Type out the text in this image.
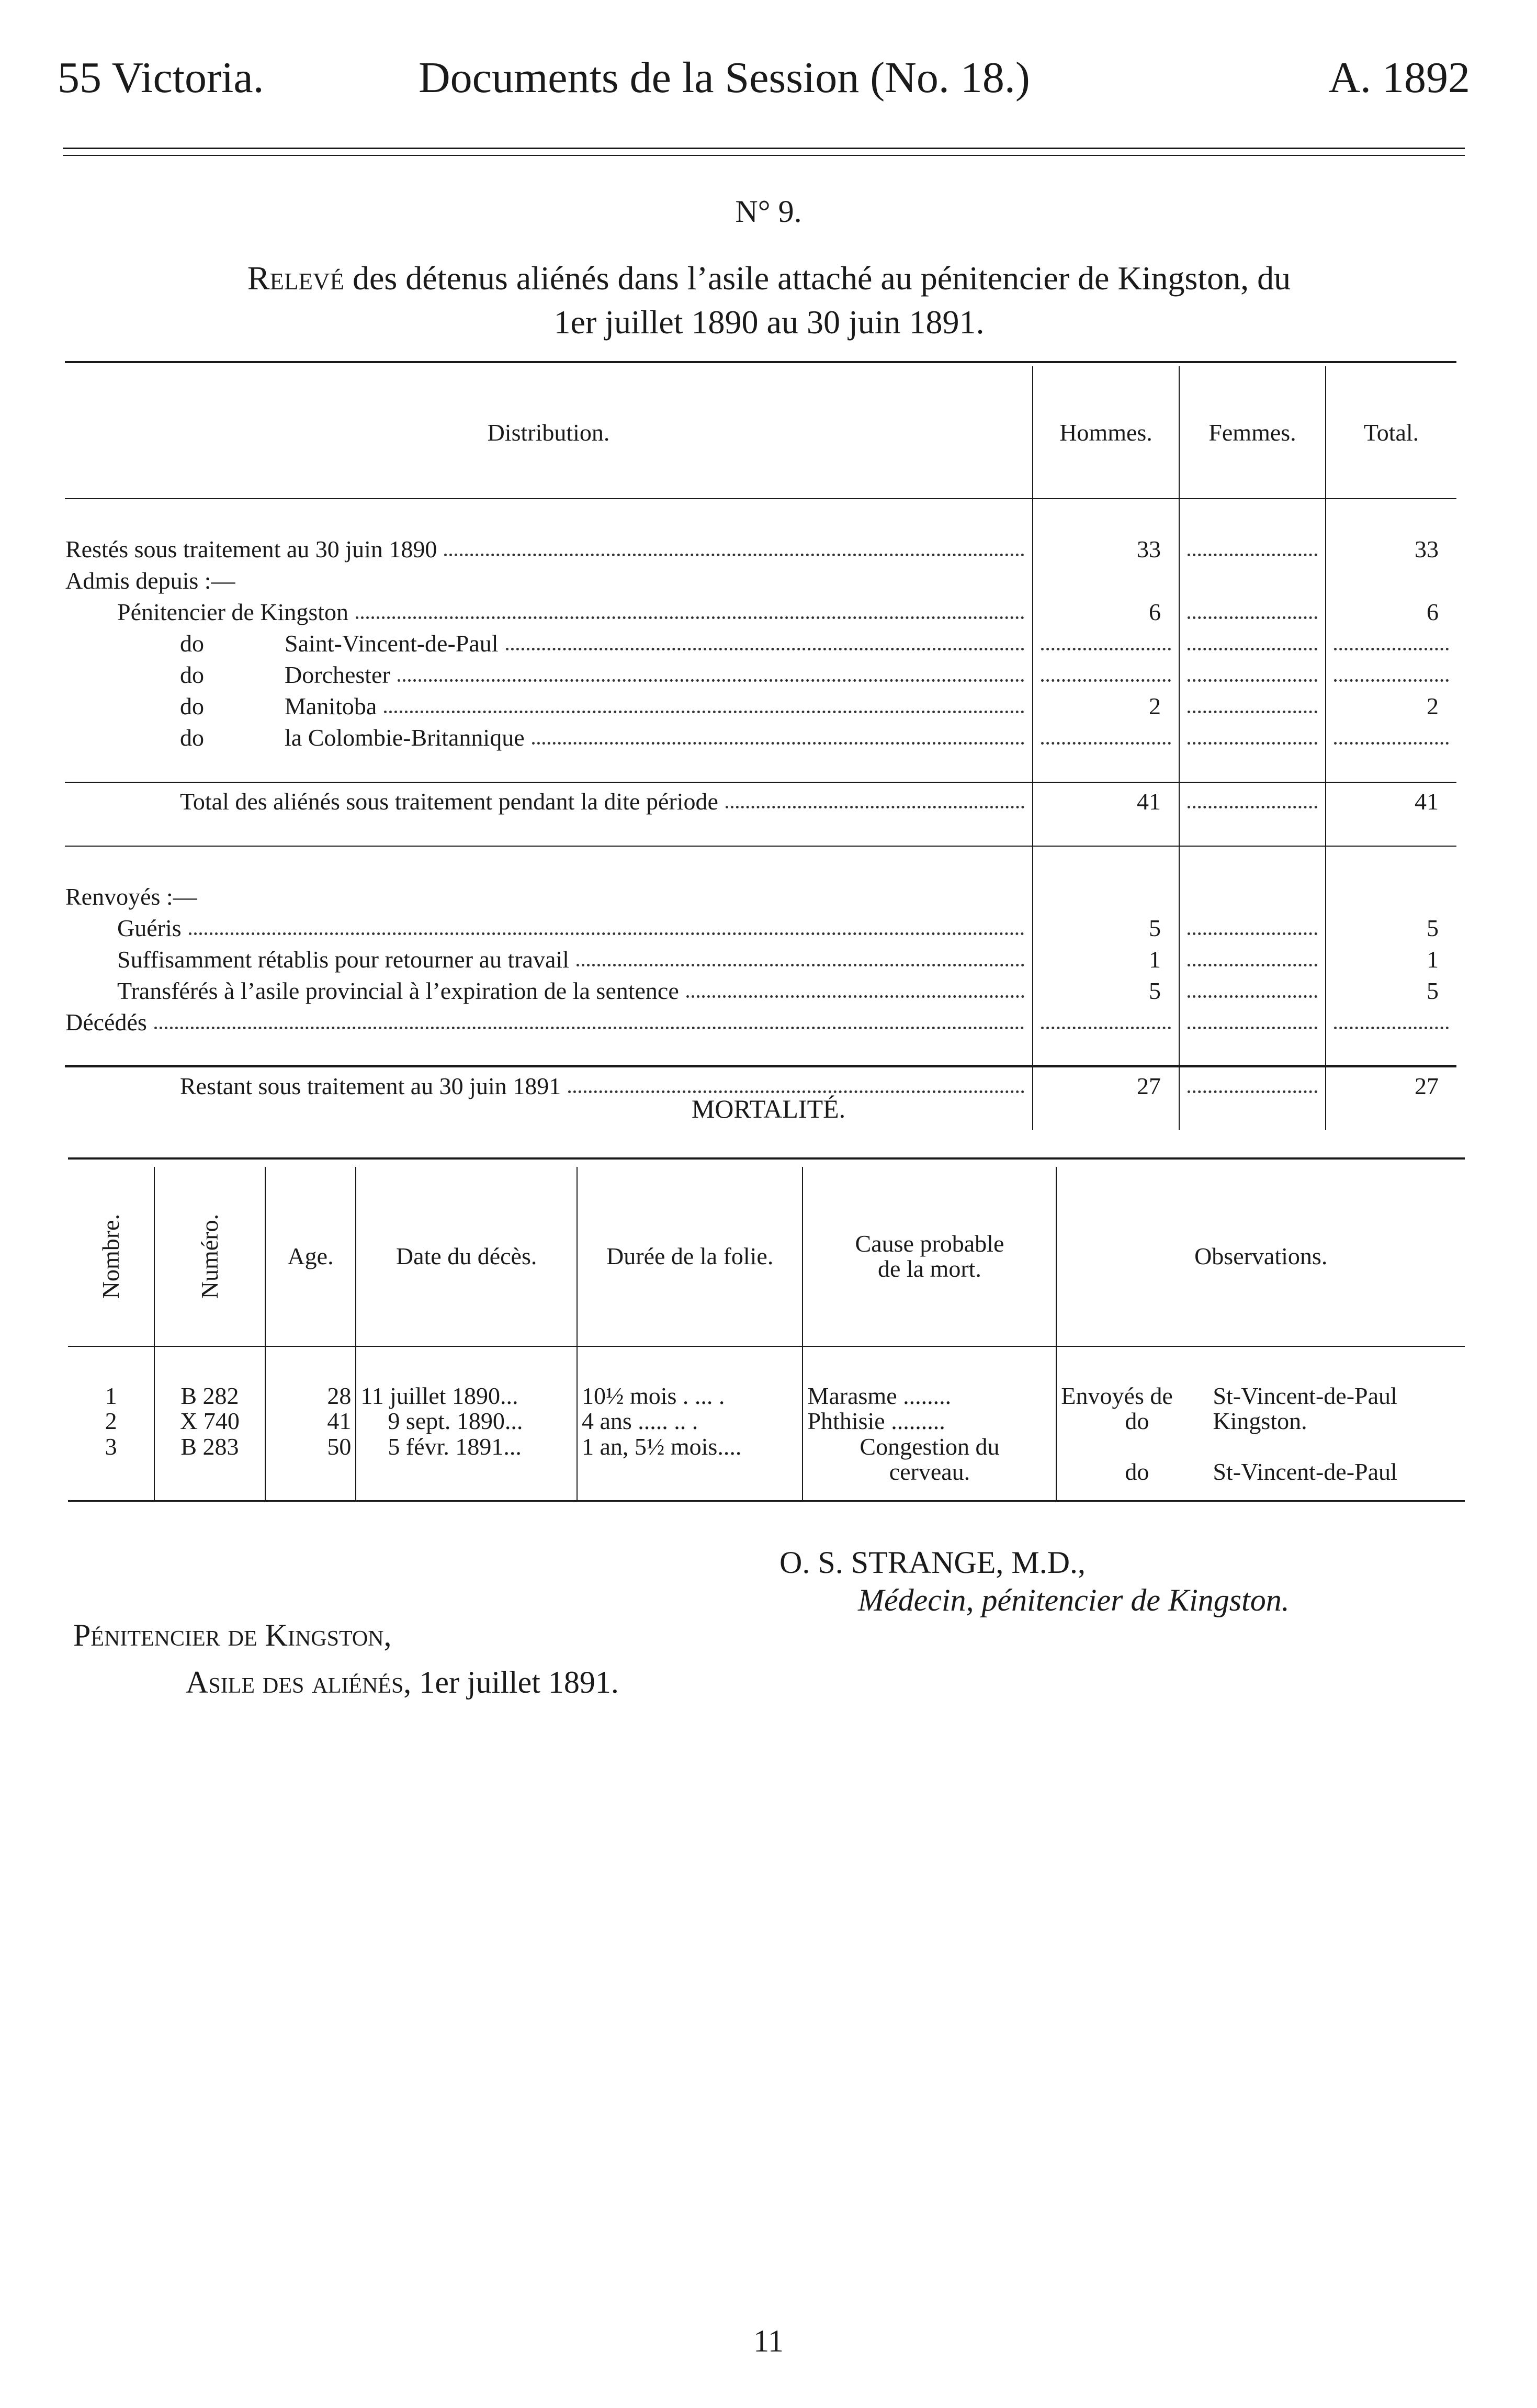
55 Victoria.	Documents de la Session (No. 18.)	A. 1892
N° 9.
Relevé des détenus aliénés dans l’asile attaché au pénitencier de Kingston, du
1er juillet 1890 au 30 juin 1891.
Distribution.	Hommes.	Femmes.	Total.

Restés sous traitement au 30 juin 1890	33		33
Admis depuis :—			

Pénitencier de Kingston	6		6

do Saint-Vincent-de-Paul			

do Dorchester			

do Manitoba	2		2

do la Colombie-Britannique			

Total des aliénés sous traitement pendant la dite période	41		41

Renvoyés :—			

Guéris	5		5

Suffisamment rétablis pour retourner au travail	1		1

Transférés à l’asile provincial à l’expiration de la sentence	5		5

Décédés			

Restant sous traitement au 30 juin 1891	27		27

MORTALITÉ.
Nombre.	Numéro.	Age.	Date du décès.	Durée de la folie.	Cause probable
de la mort.	Observations.
1	B 282	28	11 juillet 1890...	10½ mois . ... .	Marasme ........	Envoyés de St-Vincent-de-Paul
2	X 740	41	9 sept. 1890...	4 ans ..... .. .	Phthisie .........	do Kingston.
3	B 283	50	5 févr. 1891...	1 an, 5½ mois....	Congestion du
cerveau.	do St-Vincent-de-Paul
O. S. STRANGE, M.D.,
Médecin, pénitencier de Kingston.
Pénitencier de Kingston,
Asile des aliénés, 1er juillet 1891.
11
